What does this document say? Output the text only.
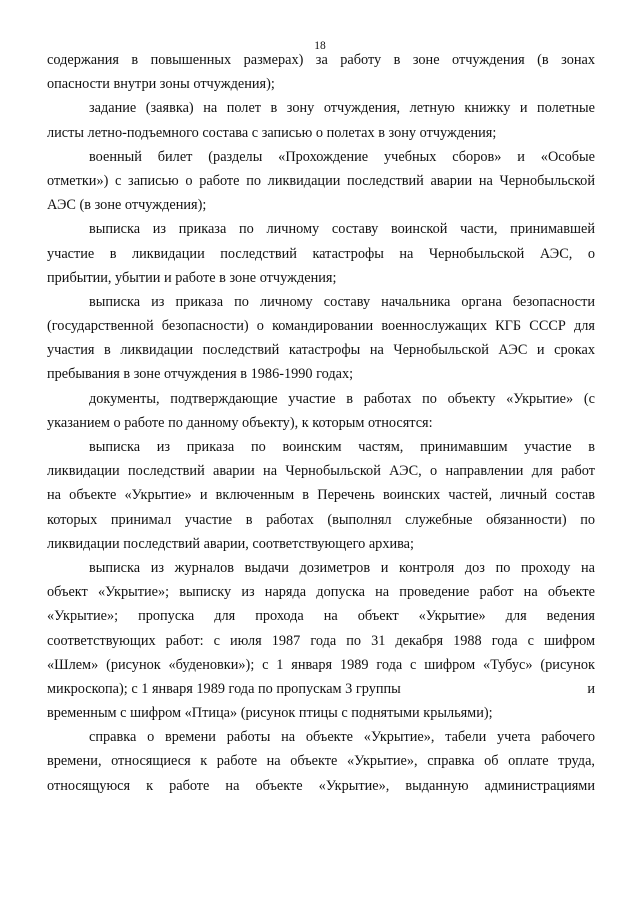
18
содержания в повышенных размерах) за работу в зоне отчуждения (в зонах
опасности внутри зоны отчуждения);
задание (заявка) на полет в зону отчуждения, летную книжку и полетные
листы летно-подъемного состава с записью о полетах в зону отчуждения;
военный билет (разделы «Прохождение учебных сборов» и «Особые
отметки») с записью о работе по ликвидации последствий аварии на Чернобыльской
АЭС (в зоне отчуждения);
выписка из приказа по личному составу воинской части, принимавшей
участие в ликвидации последствий катастрофы на Чернобыльской АЭС, о
прибытии, убытии и работе в зоне отчуждения;
выписка из приказа по личному составу начальника органа безопасности
(государственной безопасности) о командировании военнослужащих КГБ СССР для
участия в ликвидации последствий катастрофы на Чернобыльской АЭС и сроках
пребывания в зоне отчуждения в 1986-1990 годах;
документы, подтверждающие участие в работах по объекту «Укрытие» (с
указанием о работе по данному объекту), к которым относятся:
выписка из приказа по воинским частям, принимавшим участие в
ликвидации последствий аварии на Чернобыльской АЭС, о направлении для работ
на объекте «Укрытие» и включенным в Перечень воинских частей, личный состав
которых принимал участие в работах (выполнял служебные обязанности) по
ликвидации последствий аварии, соответствующего архива;
выписка из журналов выдачи дозиметров и контроля доз по проходу на
объект «Укрытие»; выписку из наряда допуска на проведение работ на объекте
«Укрытие»; пропуска для прохода на объект «Укрытие» для ведения
соответствующих работ: с июля 1987 года по 31 декабря 1988 года с шифром
«Шлем» (рисунок «буденовки»); с 1 января 1989 года с шифром «Тубус» (рисунок
микроскопа); с 1 января 1989 года по пропускам 3 группы	и
временным с шифром «Птица» (рисунок птицы с поднятыми крыльями);
справка о времени работы на объекте «Укрытие», табели учета рабочего
времени, относящиеся к работе на объекте «Укрытие», справка об оплате труда,
относящуюся к работе на объекте «Укрытие», выданную администрациями
